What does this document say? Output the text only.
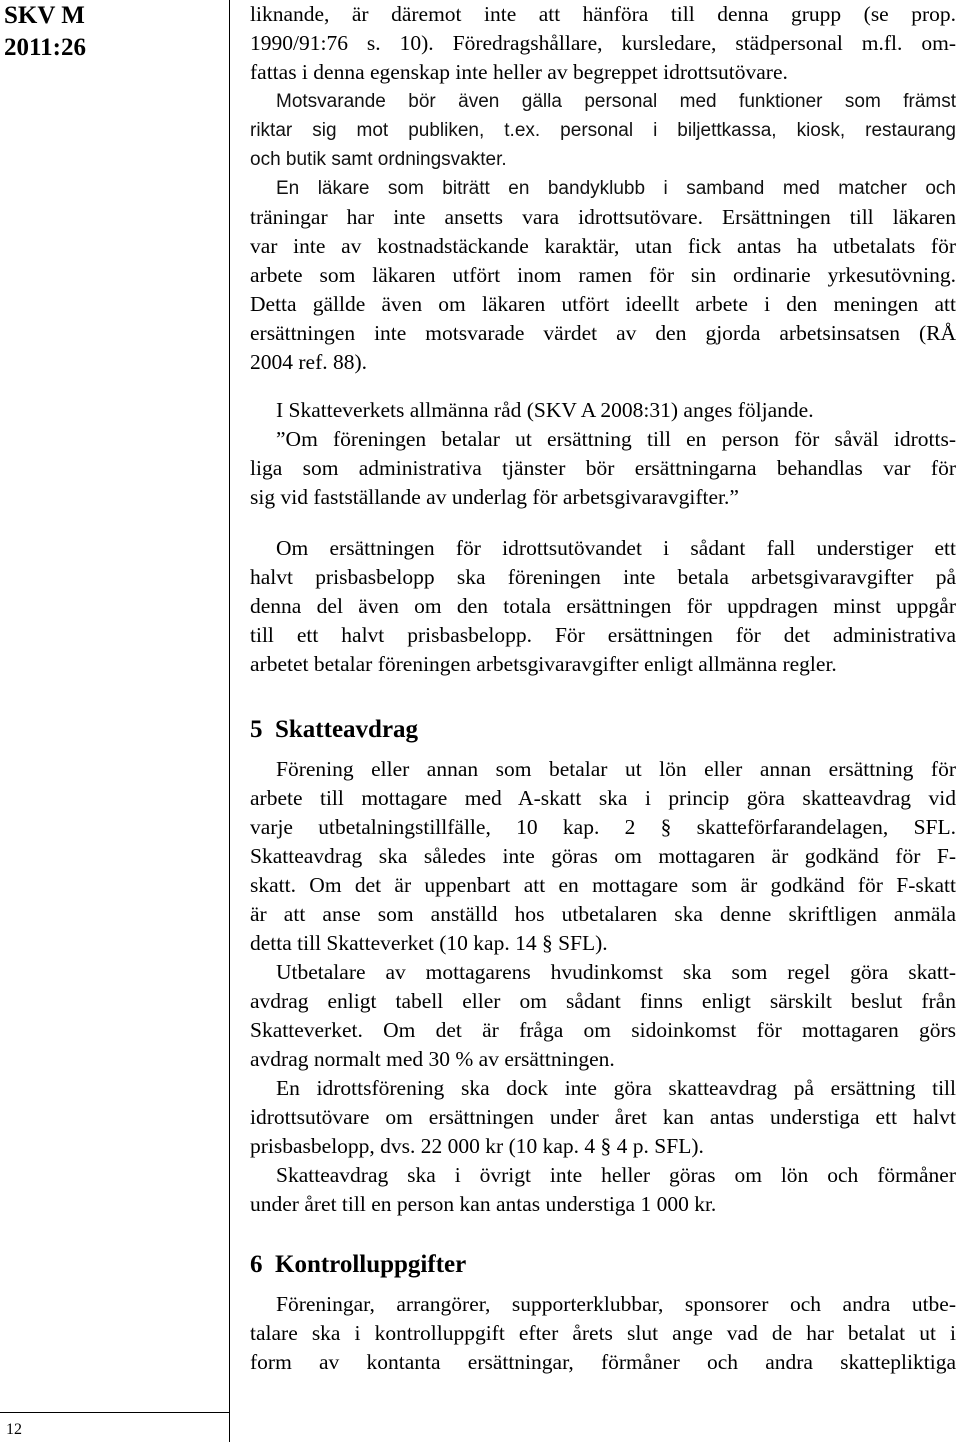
SKV M
2011:26
12
liknande, är däremot inte att hänföra till denna grupp (se prop.
1990/91:76 s. 10). Föredragshållare, kursledare, städpersonal m.fl. om-
fattas i denna egenskap inte heller av begreppet idrottsutövare.
Motsvarande bör även gälla personal med funktioner som främst
riktar sig mot publiken, t.ex. personal i biljettkassa, kiosk, restaurang
och butik samt ordningsvakter.
En läkare som biträtt en bandyklubb i samband med matcher och
träningar har inte ansetts vara idrottsutövare. Ersättningen till läkaren
var inte av kostnadstäckande karaktär, utan fick antas ha utbetalats för
arbete som läkaren utfört inom ramen för sin ordinarie yrkesutövning.
Detta gällde även om läkaren utfört ideellt arbete i den meningen att
ersättningen inte motsvarade värdet av den gjorda arbetsinsatsen (RÅ
2004 ref. 88).
I Skatteverkets allmänna råd (SKV A 2008:31) anges följande.
”Om föreningen betalar ut ersättning till en person för såväl idrotts-
liga som administrativa tjänster bör ersättningarna behandlas var för
sig vid fastställande av underlag för arbetsgivaravgifter.”
Om ersättningen för idrottsutövandet i sådant fall understiger ett
halvt prisbasbelopp ska föreningen inte betala arbetsgivaravgifter på
denna del även om den totala ersättningen för uppdragen minst uppgår
till ett halvt prisbasbelopp. För ersättningen för det administrativa
arbetet betalar föreningen arbetsgivaravgifter enligt allmänna regler.
5 Skatteavdrag
Förening eller annan som betalar ut lön eller annan ersättning för
arbete till mottagare med A-skatt ska i princip göra skatteavdrag vid
varje utbetalningstillfälle, 10 kap. 2 § skatteförfarandelagen, SFL.
Skatteavdrag ska således inte göras om mottagaren är godkänd för F-
skatt. Om det är uppenbart att en mottagare som är godkänd för F-skatt
är att anse som anställd hos utbetalaren ska denne skriftligen anmäla
detta till Skatteverket (10 kap. 14 § SFL).
Utbetalare av mottagarens hvudinkomst ska som regel göra skatt-
avdrag enligt tabell eller om sådant finns enligt särskilt beslut från
Skatteverket. Om det är fråga om sidoinkomst för mottagaren görs
avdrag normalt med 30 % av ersättningen.
En idrottsförening ska dock inte göra skatteavdrag på ersättning till
idrottsutövare om ersättningen under året kan antas understiga ett halvt
prisbasbelopp, dvs. 22 000 kr (10 kap. 4 § 4 p. SFL).
Skatteavdrag ska i övrigt inte heller göras om lön och förmåner
under året till en person kan antas understiga 1 000 kr.
6 Kontrolluppgifter
Föreningar, arrangörer, supporterklubbar, sponsorer och andra utbe-
talare ska i kontrolluppgift efter årets slut ange vad de har betalat ut i
form av kontanta ersättningar, förmåner och andra skattepliktiga
